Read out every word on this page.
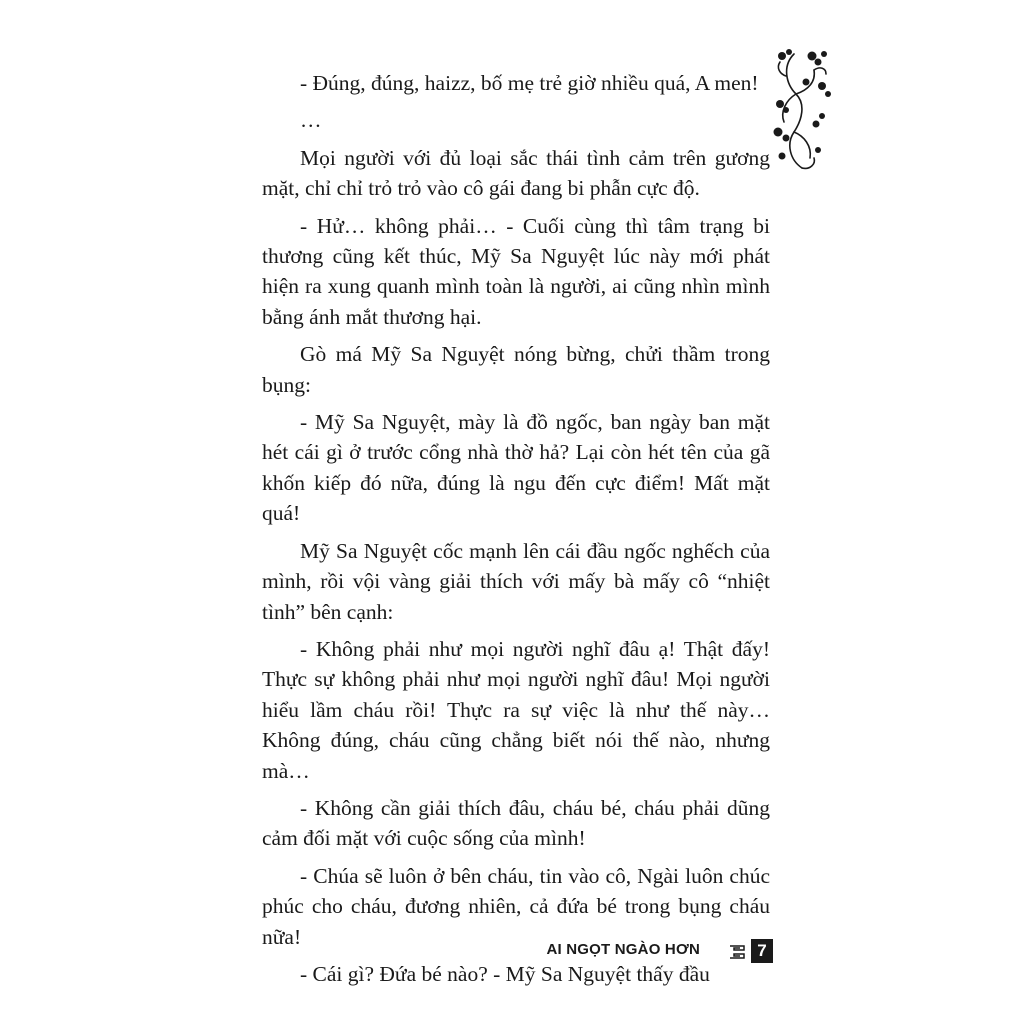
- Đúng, đúng, haizz, bố mẹ trẻ giờ nhiều quá, A men!

…

Mọi người với đủ loại sắc thái tình cảm trên gương mặt, chỉ chỉ trỏ trỏ vào cô gái đang bi phẫn cực độ.

- Hử… không phải… - Cuối cùng thì tâm trạng bi thương cũng kết thúc, Mỹ Sa Nguyệt lúc này mới phát hiện ra xung quanh mình toàn là người, ai cũng nhìn mình bằng ánh mắt thương hại.

Gò má Mỹ Sa Nguyệt nóng bừng, chửi thầm trong bụng:

- Mỹ Sa Nguyệt, mày là đồ ngốc, ban ngày ban mặt hét cái gì ở trước cổng nhà thờ hả? Lại còn hét tên của gã khốn kiếp đó nữa, đúng là ngu đến cực điểm! Mất mặt quá!

Mỹ Sa Nguyệt cốc mạnh lên cái đầu ngốc nghếch của mình, rồi vội vàng giải thích với mấy bà mấy cô “nhiệt tình” bên cạnh:

- Không phải như mọi người nghĩ đâu ạ! Thật đấy! Thực sự không phải như mọi người nghĩ đâu! Mọi người hiểu lầm cháu rồi! Thực ra sự việc là như thế này… Không đúng, cháu cũng chẳng biết nói thế nào, nhưng mà…

- Không cần giải thích đâu, cháu bé, cháu phải dũng cảm đối mặt với cuộc sống của mình!

- Chúa sẽ luôn ở bên cháu, tin vào cô, Ngài luôn chúc phúc cho cháu, đương nhiên, cả đứa bé trong bụng cháu nữa!

- Cái gì? Đứa bé nào? - Mỹ Sa Nguyệt thấy đầu

AI NGỌT NGÀO HƠN	7
